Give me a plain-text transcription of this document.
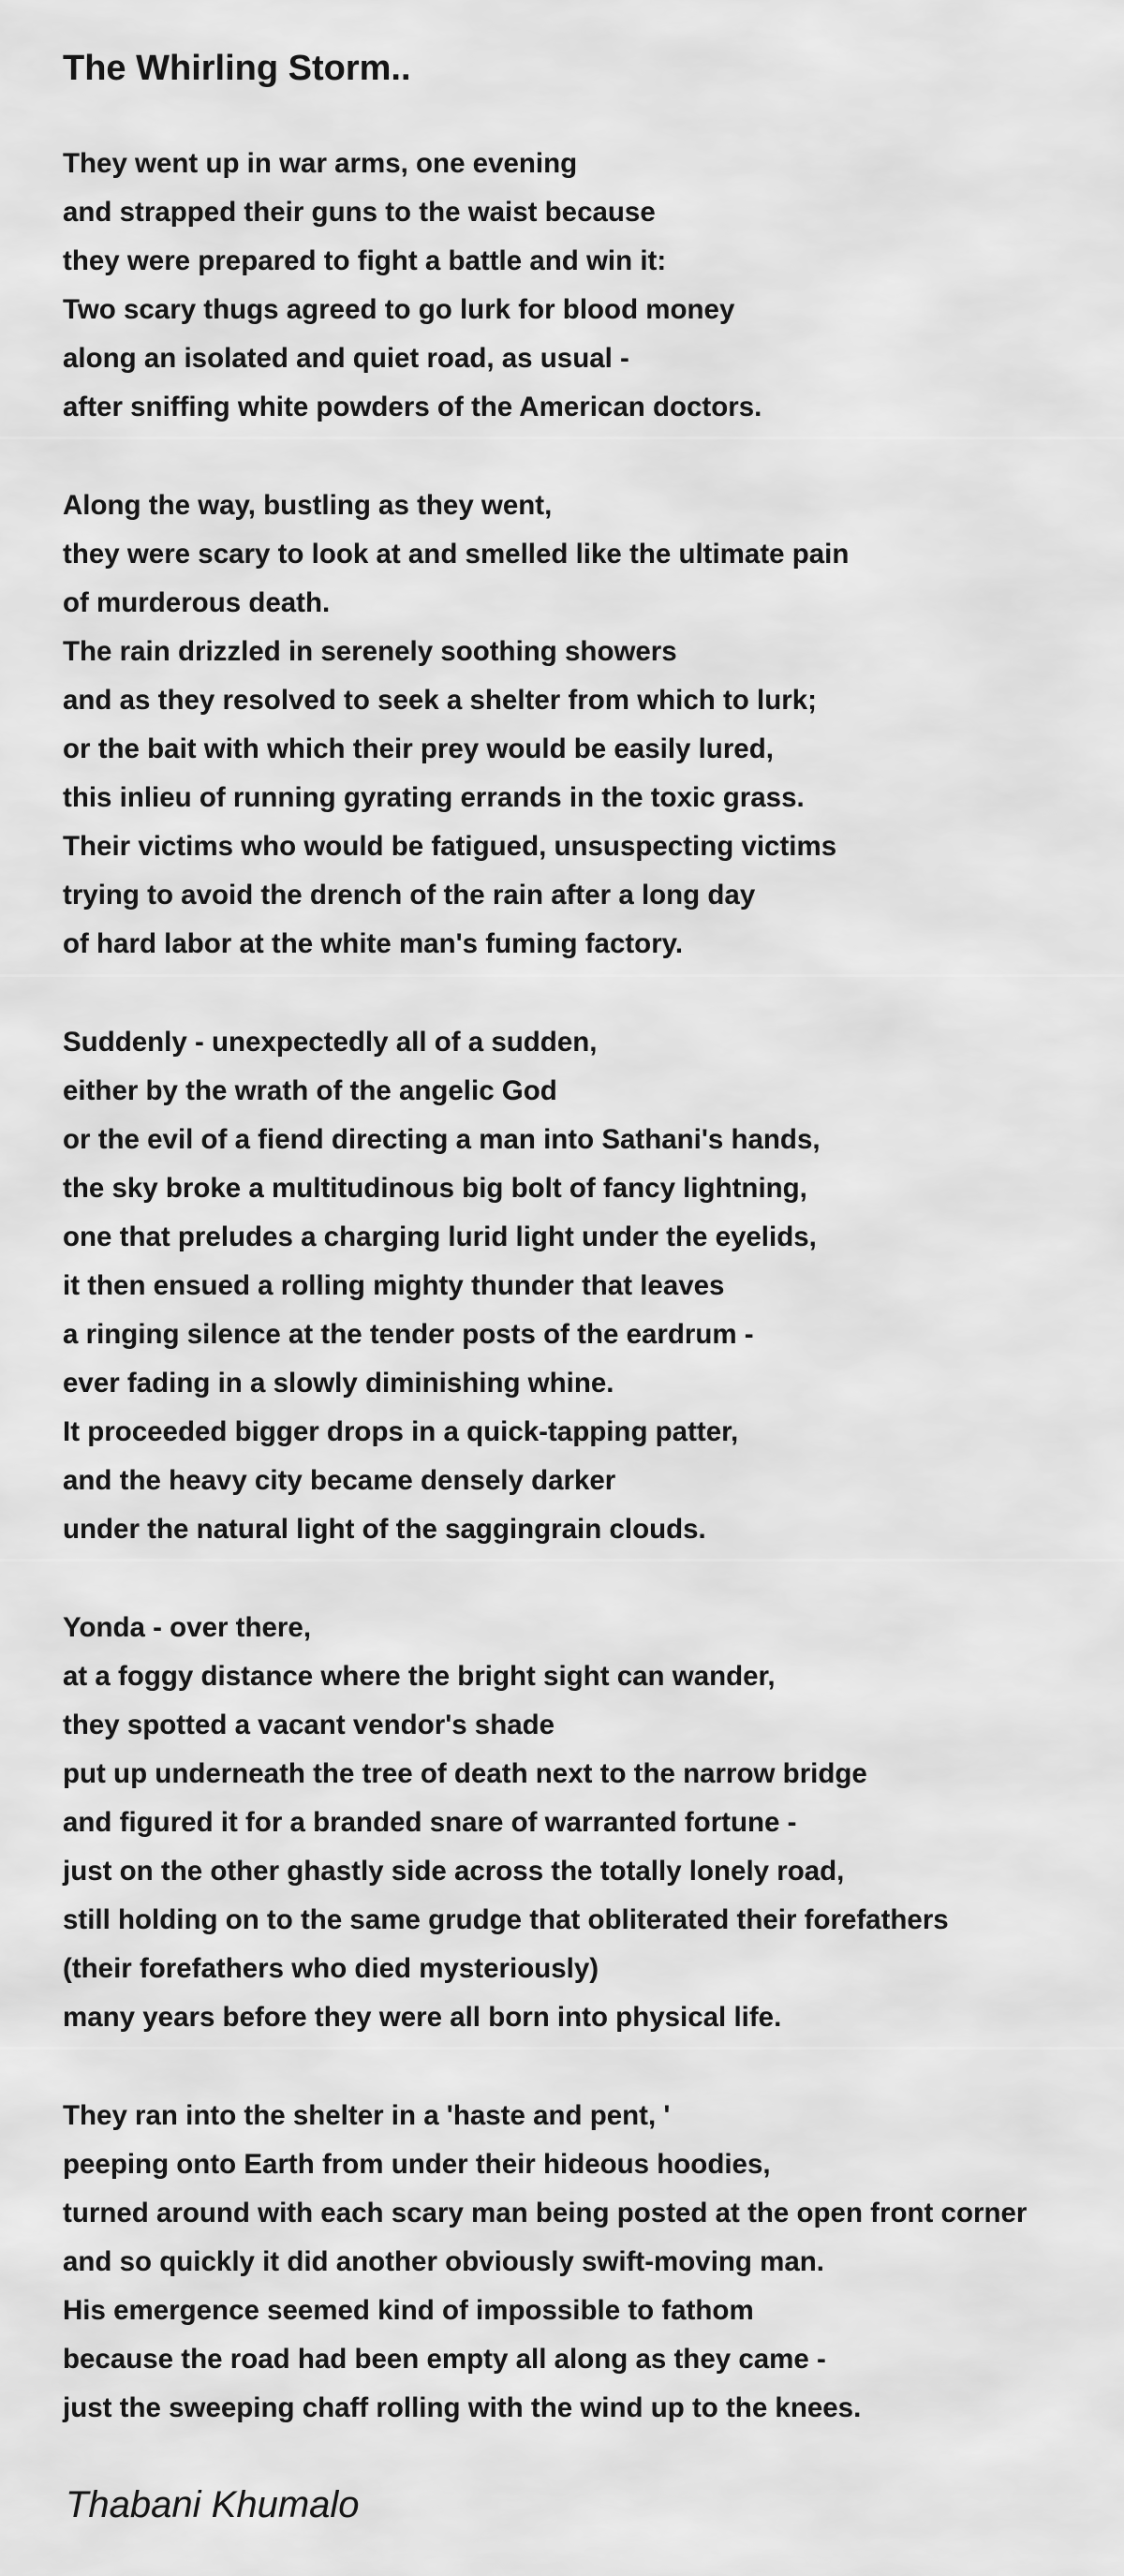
The Whirling Storm..
They went up in war arms, one evening
and strapped their guns to the waist because
they were prepared to fight a battle and win it:
Two scary thugs agreed to go lurk for blood money
along an isolated and quiet road, as usual -
after sniffing white powders of the American doctors.
Along the way, bustling as they went,
they were scary to look at and smelled like the ultimate pain
of murderous death.
The rain drizzled in serenely soothing showers
and as they resolved to seek a shelter from which to lurk;
or the bait with which their prey would be easily lured,
this inlieu of running gyrating errands in the toxic grass.
Their victims who would be fatigued, unsuspecting victims
trying to avoid the drench of the rain after a long day
of hard labor at the white man's fuming factory.
Suddenly - unexpectedly all of a sudden,
either by the wrath of the angelic God
or the evil of a fiend directing a man into Sathani's hands,
the sky broke a multitudinous big bolt of fancy lightning,
one that preludes a charging lurid light under the eyelids,
it then ensued a rolling mighty thunder that leaves
a ringing silence at the tender posts of the eardrum -
ever fading in a slowly diminishing whine.
It proceeded bigger drops in a quick-tapping patter,
and the heavy city became densely darker
under the natural light of the saggingrain clouds.
Yonda - over there,
at a foggy distance where the bright sight can wander,
they spotted a vacant vendor's shade
put up underneath the tree of death next to the narrow bridge
and figured it for a branded snare of warranted fortune -
just on the other ghastly side across the totally lonely road,
still holding on to the same grudge that obliterated their forefathers
(their forefathers who died mysteriously)
many years before they were all born into physical life.
They ran into the shelter in a 'haste and pent, '
peeping onto Earth from under their hideous hoodies,
turned around with each scary man being posted at the open front corner
and so quickly it did another obviously swift-moving man.
His emergence seemed kind of impossible to fathom
because the road had been empty all along as they came -
just the sweeping chaff rolling with the wind up to the knees.
Thabani Khumalo
